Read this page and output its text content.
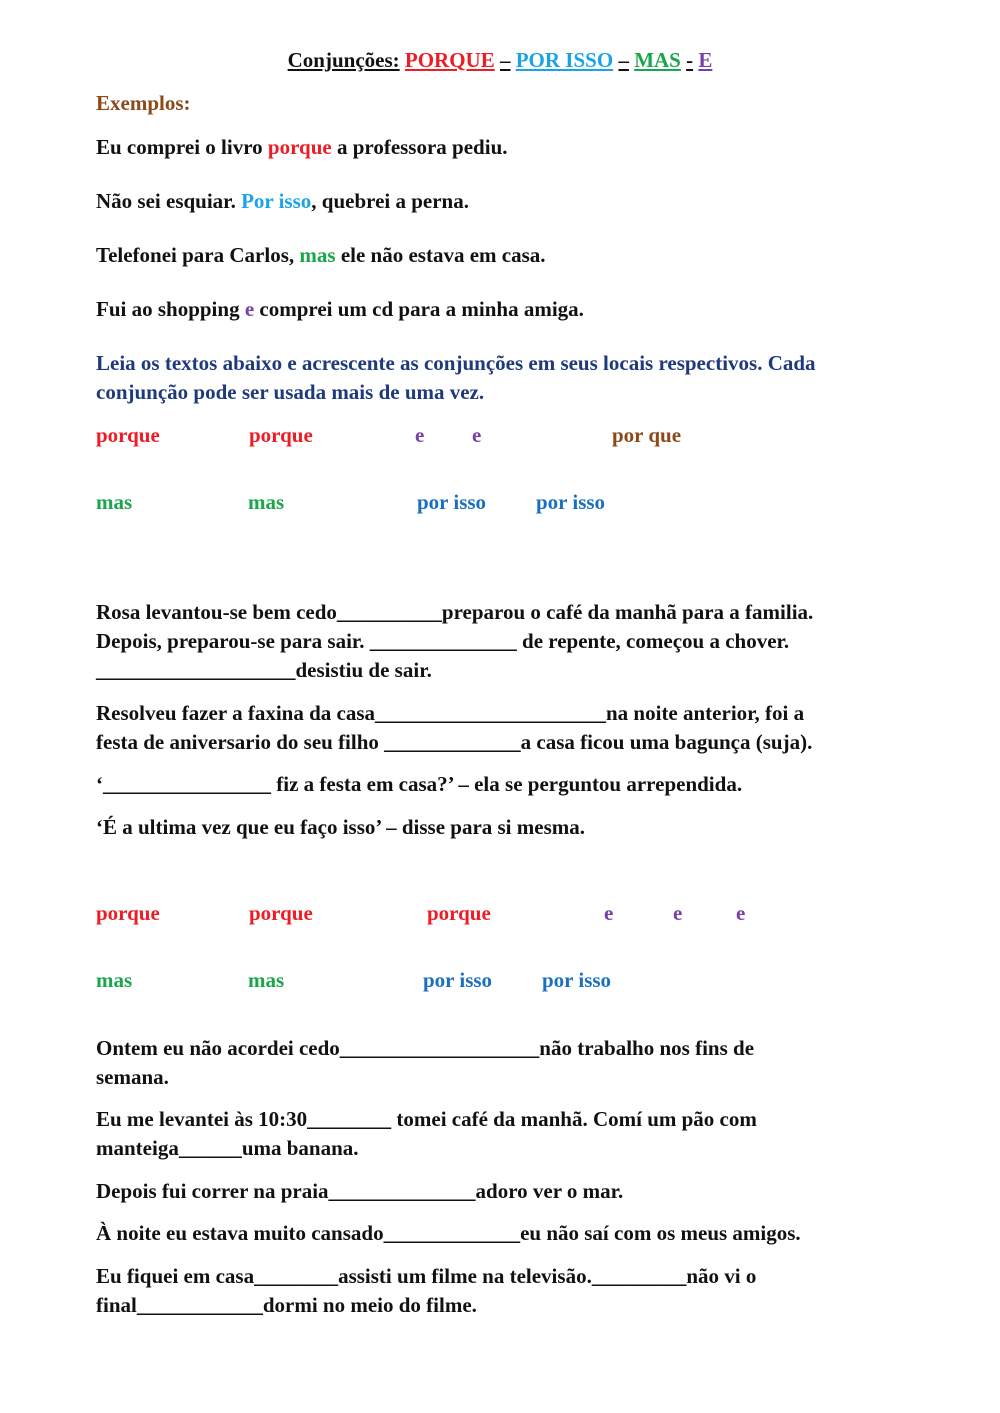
Conjunções: PORQUE – POR ISSO – MAS - E
Exemplos:
Eu comprei o livro porque a professora pediu.
Não sei esquiar. Por isso, quebrei a perna.
Telefonei para Carlos, mas ele não estava em casa.
Fui ao shopping e comprei um cd para a minha amiga.
Leia os textos abaixo e acrescente as conjunções em seus locais respectivos. Cada
conjunção pode ser usada mais de uma vez.
porque	porque	e e	por que
mas	mas	por isso por isso
Rosa levantou-se bem cedo__________preparou o café da manhã para a familia.
Depois, preparou-se para sair. ______________ de repente, começou a chover.
___________________desistiu de sair.
Resolveu fazer a faxina da casa______________________na noite anterior, foi a
festa de aniversario do seu filho _____________a casa ficou uma bagunça (suja).
‘________________ fiz a festa em casa?’ – ela se perguntou arrependida.
‘É a ultima vez que eu faço isso’ – disse para si mesma.
porque	porque	porque	e	e	e
mas	mas	por isso por isso
Ontem eu não acordei cedo___________________não trabalho nos fins de
semana.
Eu me levantei às 10:30________ tomei café da manhã. Comí um pão com
manteiga______uma banana.
Depois fui correr na praia______________adoro ver o mar.
À noite eu estava muito cansado_____________eu não saí com os meus amigos.
Eu fiquei em casa________assisti um filme na televisão._________não vi o
final____________dormi no meio do filme.
